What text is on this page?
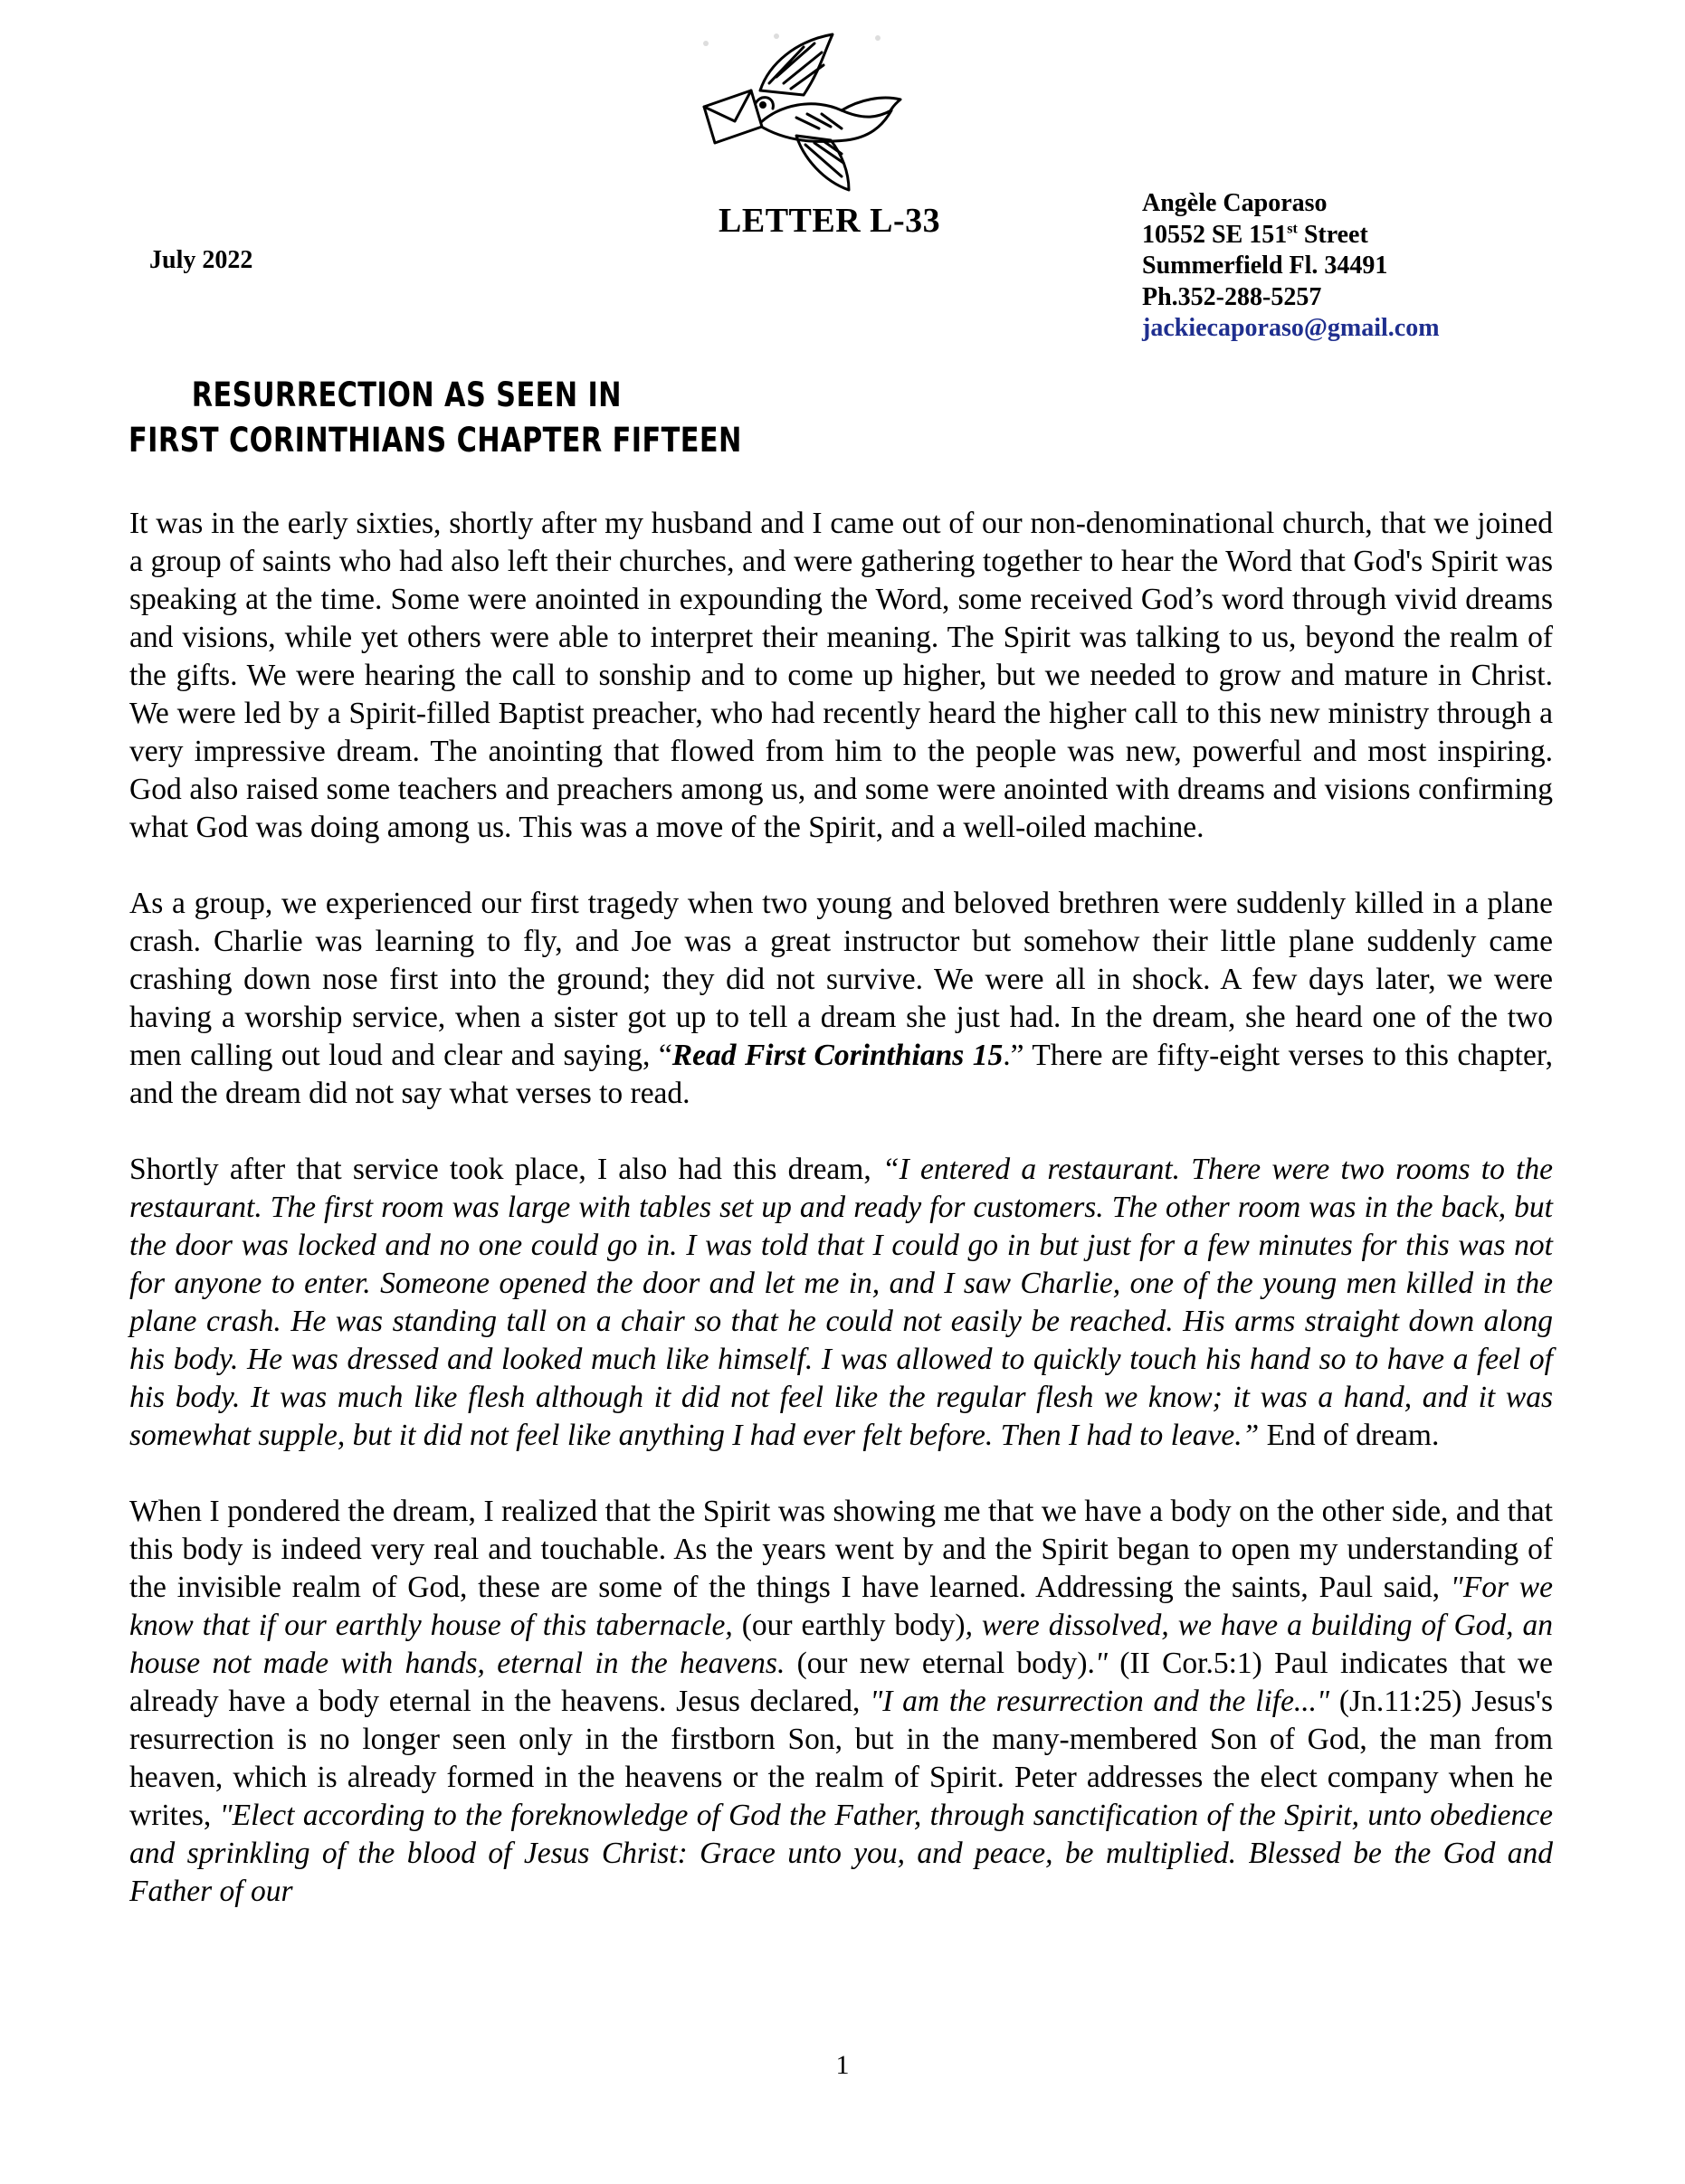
LETTER L-33
July 2022
Angèle Caporaso
10552 SE 151st Street
Summerfield Fl. 34491
Ph.352-288-5257
jackiecaporaso@gmail.com
RESURRECTION AS SEEN IN
FIRST CORINTHIANS CHAPTER FIFTEEN

It was in the early sixties, shortly after my husband and I came out of our non-denominational church, that we joined a group of saints who had also left their churches, and were gathering together to hear the Word that God's Spirit was speaking at the time. Some were anointed in expounding the Word, some received God’s word through vivid dreams and visions, while yet others were able to interpret their meaning. The Spirit was talking to us, beyond the realm of the gifts. We were hearing the call to sonship and to come up higher, but we needed to grow and mature in Christ. We were led by a Spirit-filled Baptist preacher, who had recently heard the higher call to this new ministry through a very impressive dream. The anointing that flowed from him to the people was new, powerful and most inspiring. God also raised some teachers and preachers among us, and some were anointed with dreams and visions confirming what God was doing among us. This was a move of the Spirit, and a well-oiled machine.

As a group, we experienced our first tragedy when two young and beloved brethren were suddenly killed in a plane crash. Charlie was learning to fly, and Joe was a great instructor but somehow their little plane suddenly came crashing down nose first into the ground; they did not survive. We were all in shock. A few days later, we were having a worship service, when a sister got up to tell a dream she just had. In the dream, she heard one of the two men calling out loud and clear and saying, “Read First Corinthians 15.” There are fifty-eight verses to this chapter, and the dream did not say what verses to read.

Shortly after that service took place, I also had this dream, “I entered a restaurant. There were two rooms to the restaurant. The first room was large with tables set up and ready for customers. The other room was in the back, but the door was locked and no one could go in. I was told that I could go in but just for a few minutes for this was not for anyone to enter. Someone opened the door and let me in, and I saw Charlie, one of the young men killed in the plane crash. He was standing tall on a chair so that he could not easily be reached. His arms straight down along his body. He was dressed and looked much like himself. I was allowed to quickly touch his hand so to have a feel of his body. It was much like flesh although it did not feel like the regular flesh we know; it was a hand, and it was somewhat supple, but it did not feel like anything I had ever felt before. Then I had to leave.” End of dream.

When I pondered the dream, I realized that the Spirit was showing me that we have a body on the other side, and that this body is indeed very real and touchable. As the years went by and the Spirit began to open my understanding of the invisible realm of God, these are some of the things I have learned. Addressing the saints, Paul said, "For we know that if our earthly house of this tabernacle, (our earthly body), were dissolved, we have a building of God, an house not made with hands, eternal in the heavens. (our new eternal body)." (II Cor.5:1) Paul indicates that we already have a body eternal in the heavens. Jesus declared, "I am the resurrection and the life..." (Jn.11:25) Jesus's resurrection is no longer seen only in the firstborn Son, but in the many-membered Son of God, the man from heaven, which is already formed in the heavens or the realm of Spirit. Peter addresses the elect company when he writes, "Elect according to the foreknowledge of God the Father, through sanctification of the Spirit, unto obedience and sprinkling of the blood of Jesus Christ: Grace unto you, and peace, be multiplied. Blessed be the God and Father of our

1
